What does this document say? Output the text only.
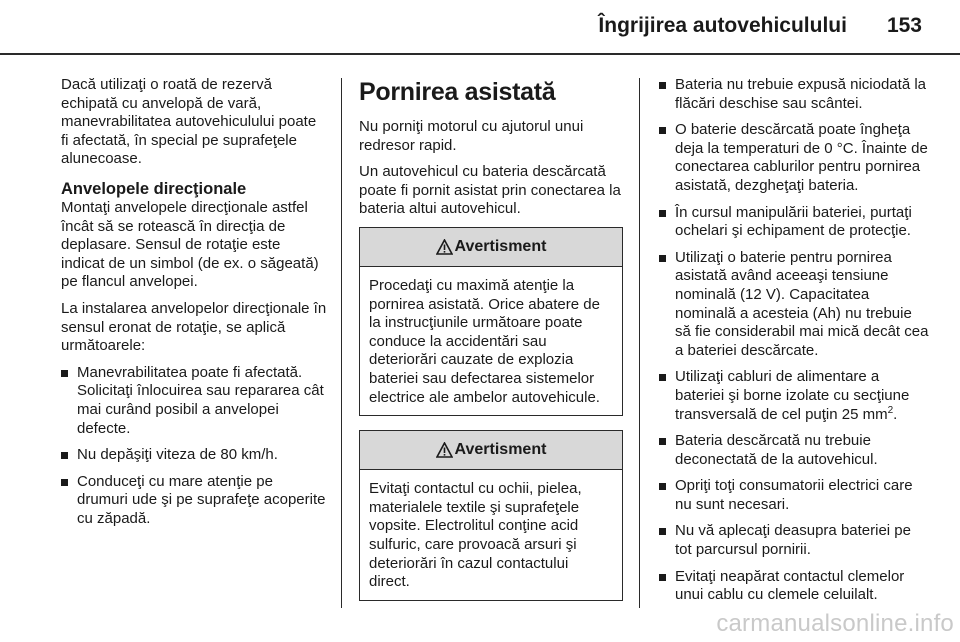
Îngrijirea autovehiculului 153

Dacă utilizaţi o roată de rezervă echipată cu anvelopă de vară, manevrabilitatea autovehiculului poate fi afectată, în special pe suprafeţele alunecoase.

Anvelopele direcţionale

Montaţi anvelopele direcţionale astfel încât să se rotească în direcţia de deplasare. Sensul de rotaţie este indicat de un simbol (de ex. o săgeată) pe flancul anvelopei.

La instalarea anvelopelor direcţionale în sensul eronat de rotaţie, se aplică următoarele:

Manevrabilitatea poate fi afectată. Solicitaţi înlocuirea sau repararea cât mai curând posibil a anvelopei defecte.
Nu depăşiţi viteza de 80 km/h.
Conduceţi cu mare atenţie pe drumuri ude şi pe suprafeţe acoperite cu zăpadă.
Pornirea asistată

Nu porniţi motorul cu ajutorul unui redresor rapid.

Un autovehicul cu bateria descărcată poate fi pornit asistat prin conectarea la bateria altui autovehicul.

Avertisment
Procedaţi cu maximă atenţie la pornirea asistată. Orice abatere de la instrucţiunile următoare poate conduce la accidentări sau deteriorări cauzate de explozia bateriei sau defectarea sistemelor electrice ale ambelor autovehicule.
Avertisment
Evitaţi contactul cu ochii, pielea, materialele textile şi suprafeţele vopsite. Electrolitul conţine acid sulfuric, care provoacă arsuri şi deteriorări în cazul contactului direct.
Bateria nu trebuie expusă niciodată la flăcări deschise sau scântei.
O baterie descărcată poate îngheţa deja la temperaturi de 0 °C. Înainte de conectarea cablurilor pentru pornirea asistată, dezgheţaţi bateria.
În cursul manipulării bateriei, purtaţi ochelari şi echipament de protecţie.
Utilizaţi o baterie pentru pornirea asistată având aceeaşi tensiune nominală (12 V). Capacitatea nominală a acesteia (Ah) nu trebuie să fie considerabil mai mică decât cea a bateriei descărcate.
Utilizaţi cabluri de alimentare a bateriei şi borne izolate cu secţiune transversală de cel puţin 25 $mm^2$.
Bateria descărcată nu trebuie deconectată de la autovehicul.
Opriţi toţi consumatorii electrici care nu sunt necesari.
Nu vă aplecaţi deasupra bateriei pe tot parcursul pornirii.
Evitaţi neapărat contactul clemelor unui cablu cu clemele celuilalt.
carmanualsonline.info
